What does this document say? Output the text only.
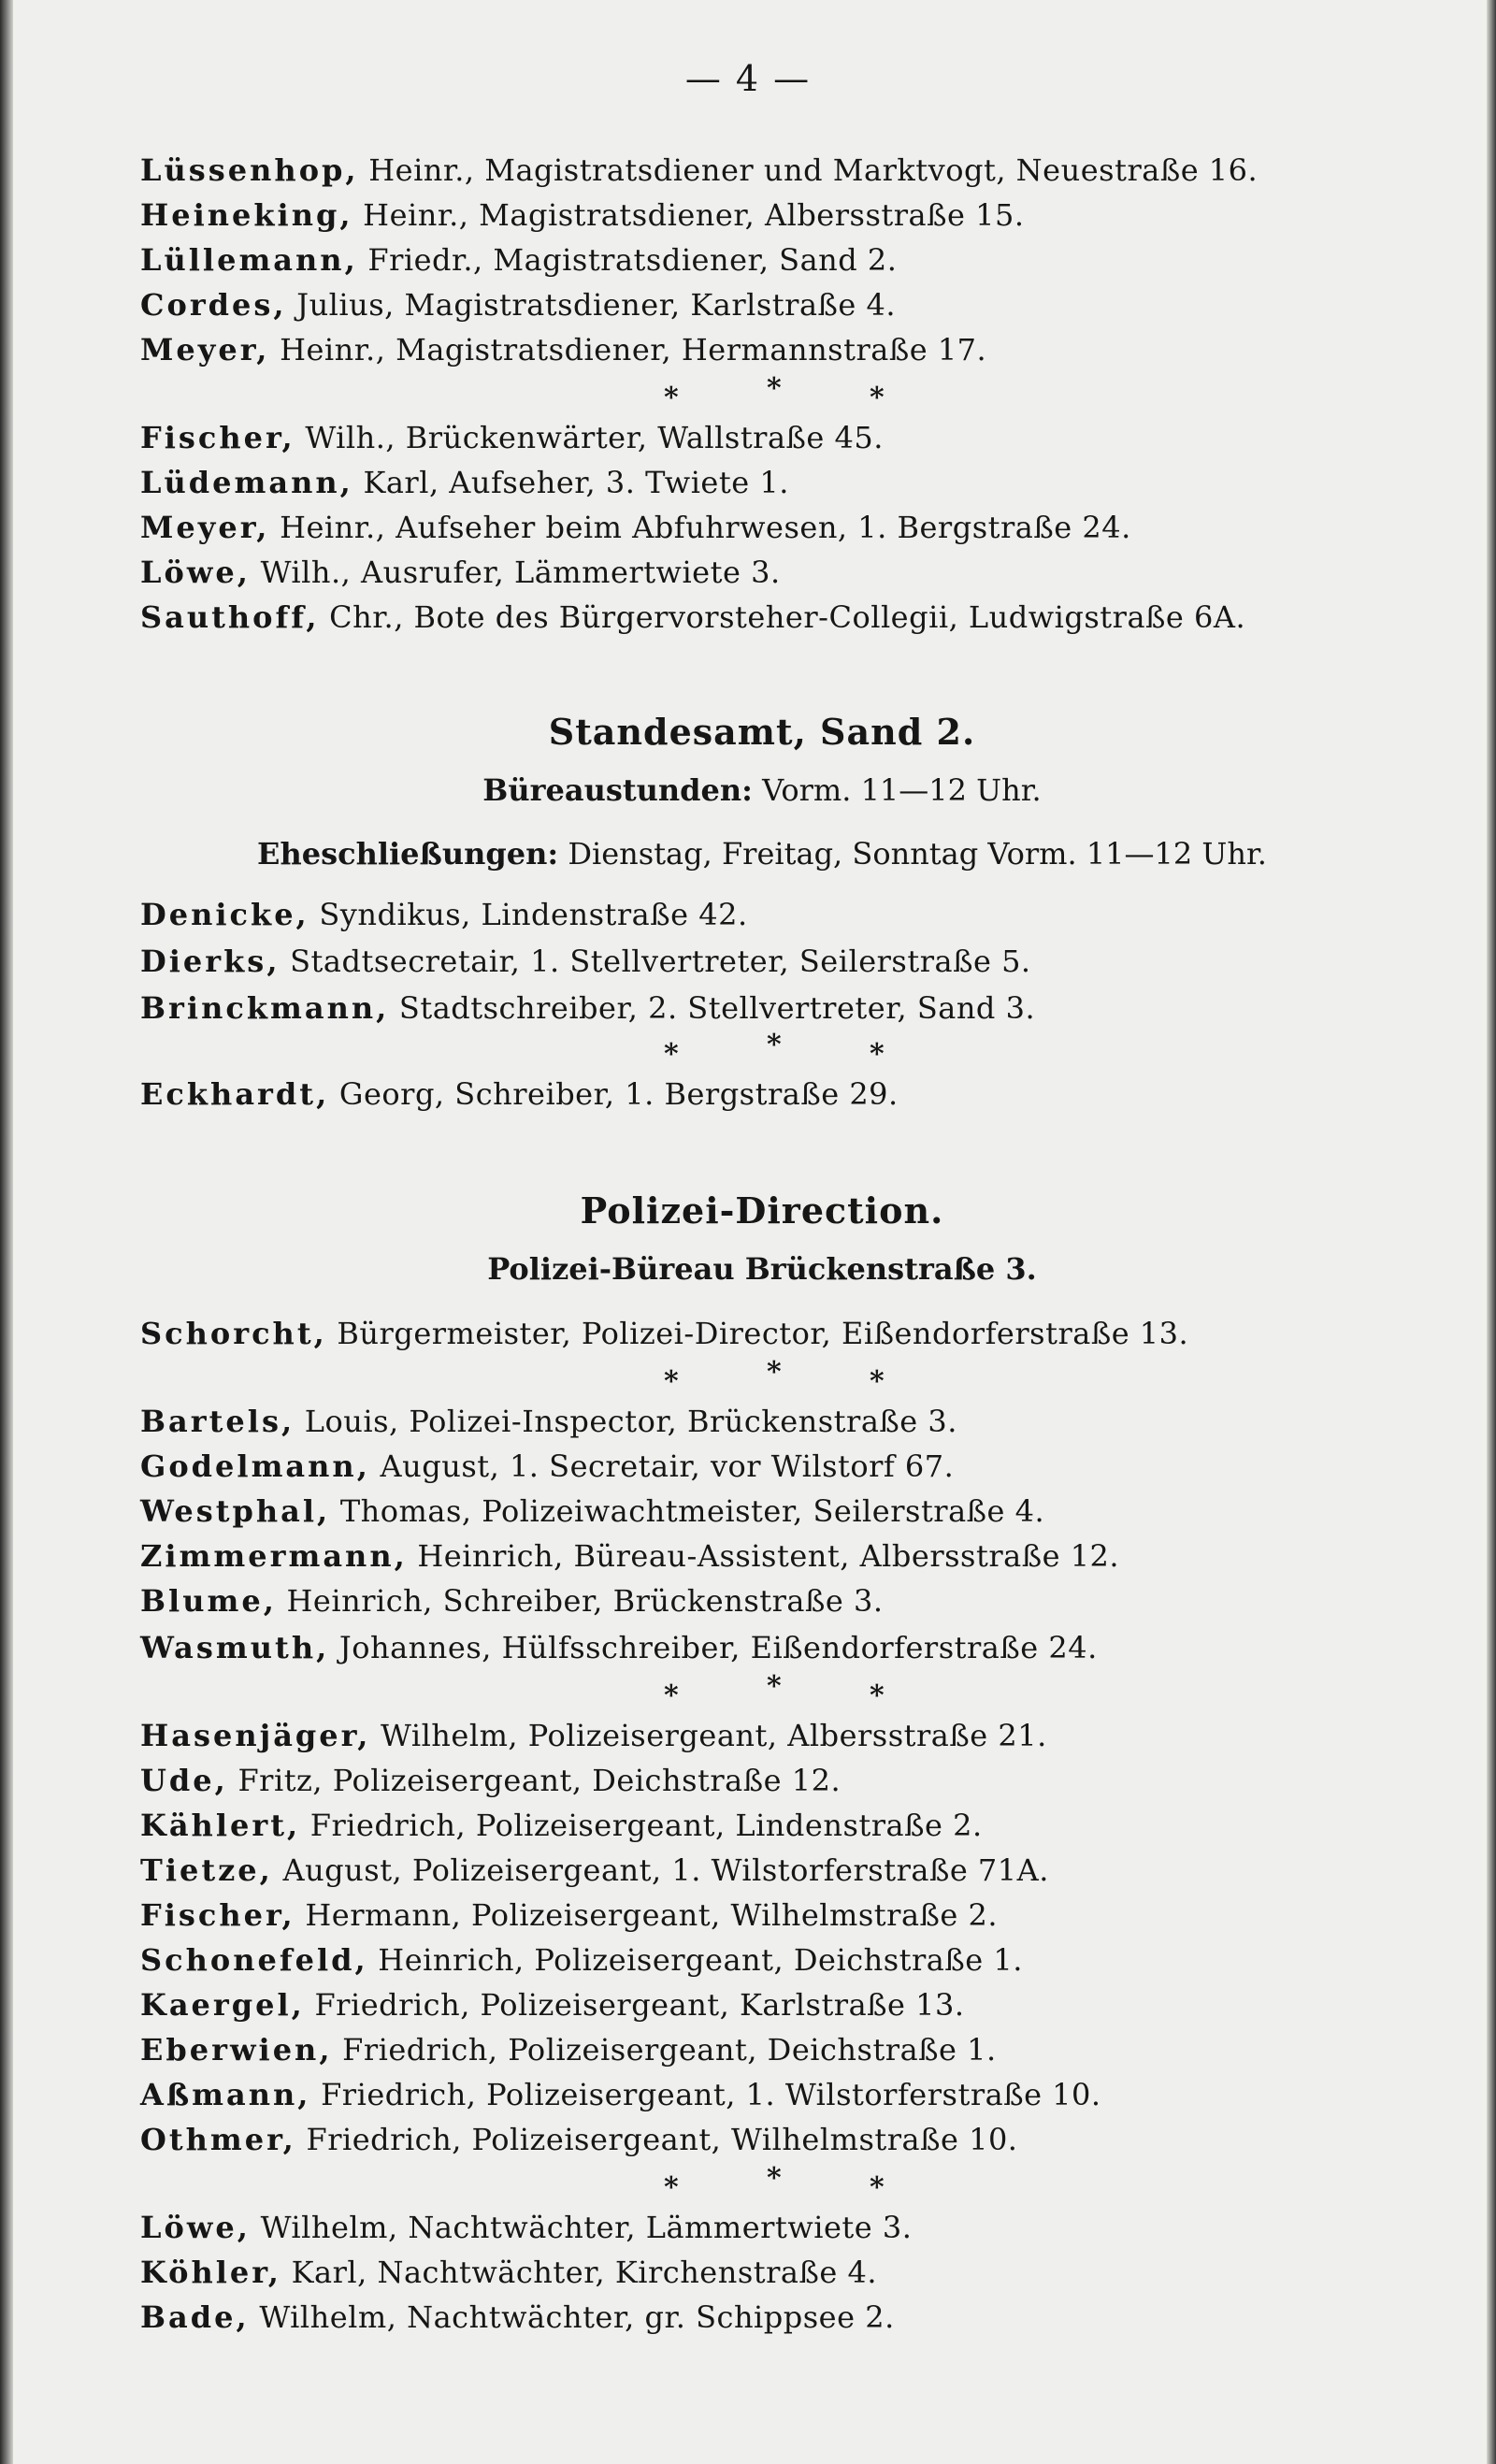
— 4 —
Lüssenhop, Heinr., Magistratsdiener und Marktvogt, Neuestraße 16.
Heineking, Heinr., Magistratsdiener, Albersstraße 15.
Lüllemann, Friedr., Magistratsdiener, Sand 2.
Cordes, Julius, Magistratsdiener, Karlstraße 4.
Meyer, Heinr., Magistratsdiener, Hermannstraße 17.
*	*	*
Fischer, Wilh., Brückenwärter, Wallstraße 45.
Lüdemann, Karl, Aufseher, 3. Twiete 1.
Meyer, Heinr., Aufseher beim Abfuhrwesen, 1. Bergstraße 24.
Löwe, Wilh., Ausrufer, Lämmertwiete 3.
Sauthoff, Chr., Bote des Bürgervorsteher-Collegii, Ludwigstraße 6A.
Standesamt, Sand 2.
Büreaustunden: Vorm. 11—12 Uhr.
Eheschließungen: Dienstag, Freitag, Sonntag Vorm. 11—12 Uhr.
Denicke, Syndikus, Lindenstraße 42.
Dierks, Stadtsecretair, 1. Stellvertreter, Seilerstraße 5.
Brinckmann, Stadtschreiber, 2. Stellvertreter, Sand 3.
*	*	*
Eckhardt, Georg, Schreiber, 1. Bergstraße 29.
Polizei-Direction.
Polizei-Büreau Brückenstraße 3.
Schorcht, Bürgermeister, Polizei-Director, Eißendorferstraße 13.
*	*	*
Bartels, Louis, Polizei-Inspector, Brückenstraße 3.
Godelmann, August, 1. Secretair, vor Wilstorf 67.
Westphal, Thomas, Polizeiwachtmeister, Seilerstraße 4.
Zimmermann, Heinrich, Büreau-Assistent, Albersstraße 12.
Blume, Heinrich, Schreiber, Brückenstraße 3.
Wasmuth, Johannes, Hülfsschreiber, Eißendorferstraße 24.
*	*	*
Hasenjäger, Wilhelm, Polizeisergeant, Albersstraße 21.
Ude, Fritz, Polizeisergeant, Deichstraße 12.
Kählert, Friedrich, Polizeisergeant, Lindenstraße 2.
Tietze, August, Polizeisergeant, 1. Wilstorferstraße 71A.
Fischer, Hermann, Polizeisergeant, Wilhelmstraße 2.
Schonefeld, Heinrich, Polizeisergeant, Deichstraße 1.
Kaergel, Friedrich, Polizeisergeant, Karlstraße 13.
Eberwien, Friedrich, Polizeisergeant, Deichstraße 1.
Aßmann, Friedrich, Polizeisergeant, 1. Wilstorferstraße 10.
Othmer, Friedrich, Polizeisergeant, Wilhelmstraße 10.
*	*	*
Löwe, Wilhelm, Nachtwächter, Lämmertwiete 3.
Köhler, Karl, Nachtwächter, Kirchenstraße 4.
Bade, Wilhelm, Nachtwächter, gr. Schippsee 2.
